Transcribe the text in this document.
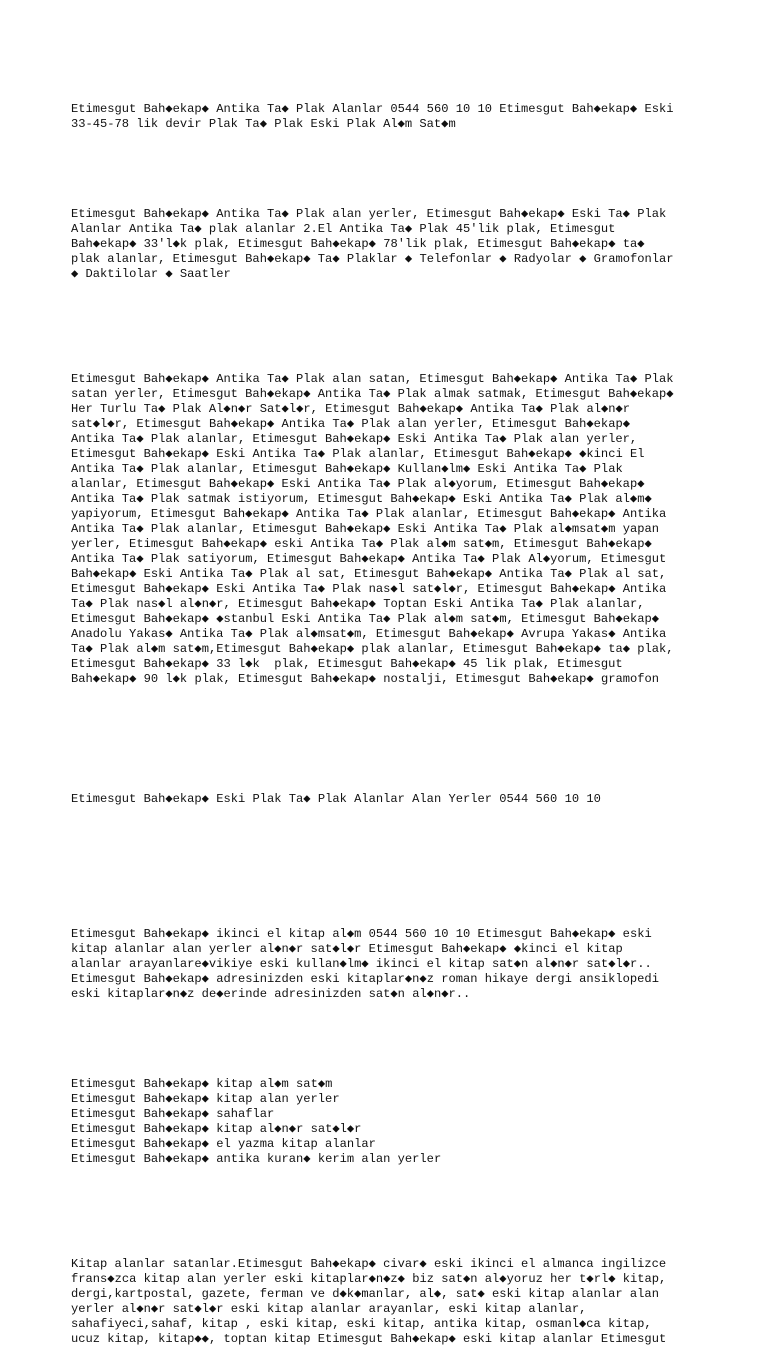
Etimesgut Bah◆ekap◆ Antika Ta◆ Plak Alanlar 0544 560 10 10 Etimesgut Bah◆ekap◆ Eski
33-45-78 lik devir Plak Ta◆ Plak Eski Plak Al◆m Sat◆m

Etimesgut Bah◆ekap◆ Antika Ta◆ Plak alan yerler, Etimesgut Bah◆ekap◆ Eski Ta◆ Plak
Alanlar Antika Ta◆ plak alanlar 2.El Antika Ta◆ Plak 45'lik plak, Etimesgut
Bah◆ekap◆ 33'l◆k plak, Etimesgut Bah◆ekap◆ 78'lik plak, Etimesgut Bah◆ekap◆ ta◆
plak alanlar, Etimesgut Bah◆ekap◆ Ta◆ Plaklar ◆ Telefonlar ◆ Radyolar ◆ Gramofonlar
◆ Daktilolar ◆ Saatler

Etimesgut Bah◆ekap◆ Antika Ta◆ Plak alan satan, Etimesgut Bah◆ekap◆ Antika Ta◆ Plak
satan yerler, Etimesgut Bah◆ekap◆ Antika Ta◆ Plak almak satmak, Etimesgut Bah◆ekap◆
Her Turlu Ta◆ Plak Al◆n◆r Sat◆l◆r, Etimesgut Bah◆ekap◆ Antika Ta◆ Plak al◆n◆r
sat◆l◆r, Etimesgut Bah◆ekap◆ Antika Ta◆ Plak alan yerler, Etimesgut Bah◆ekap◆
Antika Ta◆ Plak alanlar, Etimesgut Bah◆ekap◆ Eski Antika Ta◆ Plak alan yerler,
Etimesgut Bah◆ekap◆ Eski Antika Ta◆ Plak alanlar, Etimesgut Bah◆ekap◆ ◆kinci El
Antika Ta◆ Plak alanlar, Etimesgut Bah◆ekap◆ Kullan◆lm◆ Eski Antika Ta◆ Plak
alanlar, Etimesgut Bah◆ekap◆ Eski Antika Ta◆ Plak al◆yorum, Etimesgut Bah◆ekap◆
Antika Ta◆ Plak satmak istiyorum, Etimesgut Bah◆ekap◆ Eski Antika Ta◆ Plak al◆m◆
yapiyorum, Etimesgut Bah◆ekap◆ Antika Ta◆ Plak alanlar, Etimesgut Bah◆ekap◆ Antika
Antika Ta◆ Plak alanlar, Etimesgut Bah◆ekap◆ Eski Antika Ta◆ Plak al◆msat◆m yapan
yerler, Etimesgut Bah◆ekap◆ eski Antika Ta◆ Plak al◆m sat◆m, Etimesgut Bah◆ekap◆
Antika Ta◆ Plak satiyorum, Etimesgut Bah◆ekap◆ Antika Ta◆ Plak Al◆yorum, Etimesgut
Bah◆ekap◆ Eski Antika Ta◆ Plak al sat, Etimesgut Bah◆ekap◆ Antika Ta◆ Plak al sat,
Etimesgut Bah◆ekap◆ Eski Antika Ta◆ Plak nas◆l sat◆l◆r, Etimesgut Bah◆ekap◆ Antika
Ta◆ Plak nas◆l al◆n◆r, Etimesgut Bah◆ekap◆ Toptan Eski Antika Ta◆ Plak alanlar,
Etimesgut Bah◆ekap◆ ◆stanbul Eski Antika Ta◆ Plak al◆m sat◆m, Etimesgut Bah◆ekap◆
Anadolu Yakas◆ Antika Ta◆ Plak al◆msat◆m, Etimesgut Bah◆ekap◆ Avrupa Yakas◆ Antika
Ta◆ Plak al◆m sat◆m,Etimesgut Bah◆ekap◆ plak alanlar, Etimesgut Bah◆ekap◆ ta◆ plak,
Etimesgut Bah◆ekap◆ 33 l◆k  plak, Etimesgut Bah◆ekap◆ 45 lik plak, Etimesgut
Bah◆ekap◆ 90 l◆k plak, Etimesgut Bah◆ekap◆ nostalji, Etimesgut Bah◆ekap◆ gramofon

Etimesgut Bah◆ekap◆ Eski Plak Ta◆ Plak Alanlar Alan Yerler 0544 560 10 10

Etimesgut Bah◆ekap◆ ikinci el kitap al◆m 0544 560 10 10 Etimesgut Bah◆ekap◆ eski
kitap alanlar alan yerler al◆n◆r sat◆l◆r Etimesgut Bah◆ekap◆ ◆kinci el kitap
alanlar arayanlare◆vikiye eski kullan◆lm◆ ikinci el kitap sat◆n al◆n◆r sat◆l◆r..
Etimesgut Bah◆ekap◆ adresinizden eski kitaplar◆n◆z roman hikaye dergi ansiklopedi
eski kitaplar◆n◆z de◆erinde adresinizden sat◆n al◆n◆r..

Etimesgut Bah◆ekap◆ kitap al◆m sat◆m
Etimesgut Bah◆ekap◆ kitap alan yerler
Etimesgut Bah◆ekap◆ sahaflar
Etimesgut Bah◆ekap◆ kitap al◆n◆r sat◆l◆r
Etimesgut Bah◆ekap◆ el yazma kitap alanlar
Etimesgut Bah◆ekap◆ antika kuran◆ kerim alan yerler

Kitap alanlar satanlar.Etimesgut Bah◆ekap◆ civar◆ eski ikinci el almanca ingilizce
frans◆zca kitap alan yerler eski kitaplar◆n◆z◆ biz sat◆n al◆yoruz her t◆rl◆ kitap,
dergi,kartpostal, gazete, ferman ve d◆k◆manlar, al◆, sat◆ eski kitap alanlar alan
yerler al◆n◆r sat◆l◆r eski kitap alanlar arayanlar, eski kitap alanlar,
sahafiyeci,sahaf, kitap , eski kitap, eski kitap, antika kitap, osmanl◆ca kitap,
ucuz kitap, kitap◆◆, toptan kitap Etimesgut Bah◆ekap◆ eski kitap alanlar Etimesgut
